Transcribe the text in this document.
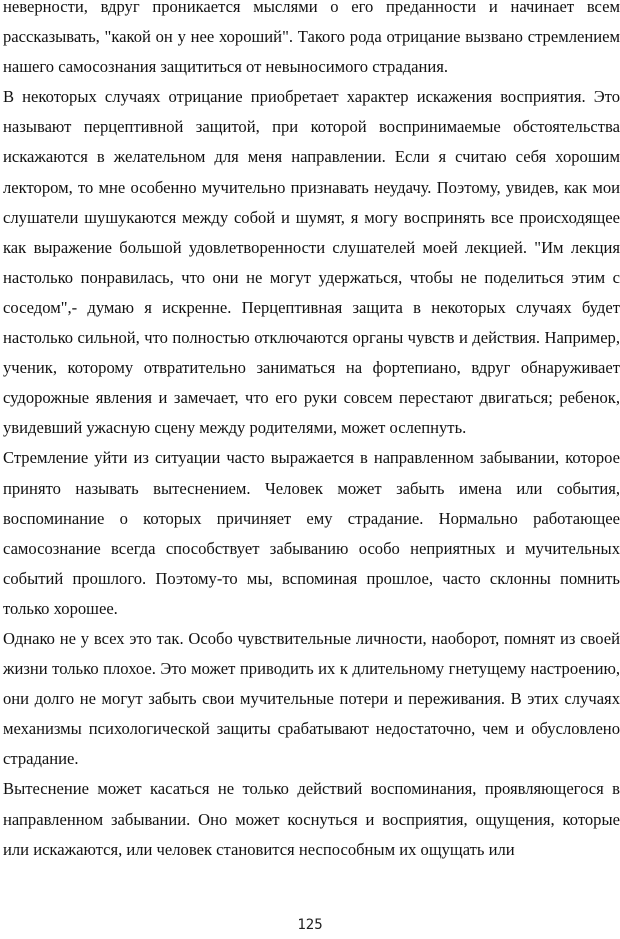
неверности, вдруг проникается мыслями о его преданности и начинает всем рассказывать, "какой он у нее хороший". Такого рода отрицание вызвано стремлением нашего самосознания защититься от невыносимого страдания.

В некоторых случаях отрицание приобретает характер искажения восприятия. Это называют перцептивной защитой, при которой воспринимаемые обстоятельства искажаются в желательном для меня направлении. Если я считаю себя хорошим лектором, то мне особенно мучительно признавать неудачу. Поэтому, увидев, как мои слушатели шушукаются между собой и шумят, я могу воспринять все происходящее как выражение большой удовлетворенности слушателей моей лекцией. "Им лекция настолько понравилась, что они не могут удержаться, чтобы не поделиться этим с соседом",- думаю я искренне. Перцептивная защита в некоторых случаях будет настолько сильной, что полностью отключаются органы чувств и действия. Например, ученик, которому отвратительно заниматься на фортепиано, вдруг обнаруживает судорожные явления и замечает, что его руки совсем перестают двигаться; ребенок, увидевший ужасную сцену между родителями, может ослепнуть.

Стремление уйти из ситуации часто выражается в направленном забывании, которое принято называть вытеснением. Человек может забыть имена или события, воспоминание о которых причиняет ему страдание. Нормально работающее самосознание всегда способствует забыванию особо неприятных и мучительных событий прошлого. Поэтому-то мы, вспоминая прошлое, часто склонны помнить только хорошее.

Однако не у всех это так. Особо чувствительные личности, наоборот, помнят из своей жизни только плохое. Это может приводить их к длительному гнетущему настроению, они долго не могут забыть свои мучительные потери и переживания. В этих случаях механизмы психологической защиты срабатывают недостаточно, чем и обусловлено страдание.

Вытеснение может касаться не только действий воспоминания, проявляющегося в направленном забывании. Оно может коснуться и восприятия, ощущения, которые или искажаются, или человек становится неспособным их ощущать или

125
